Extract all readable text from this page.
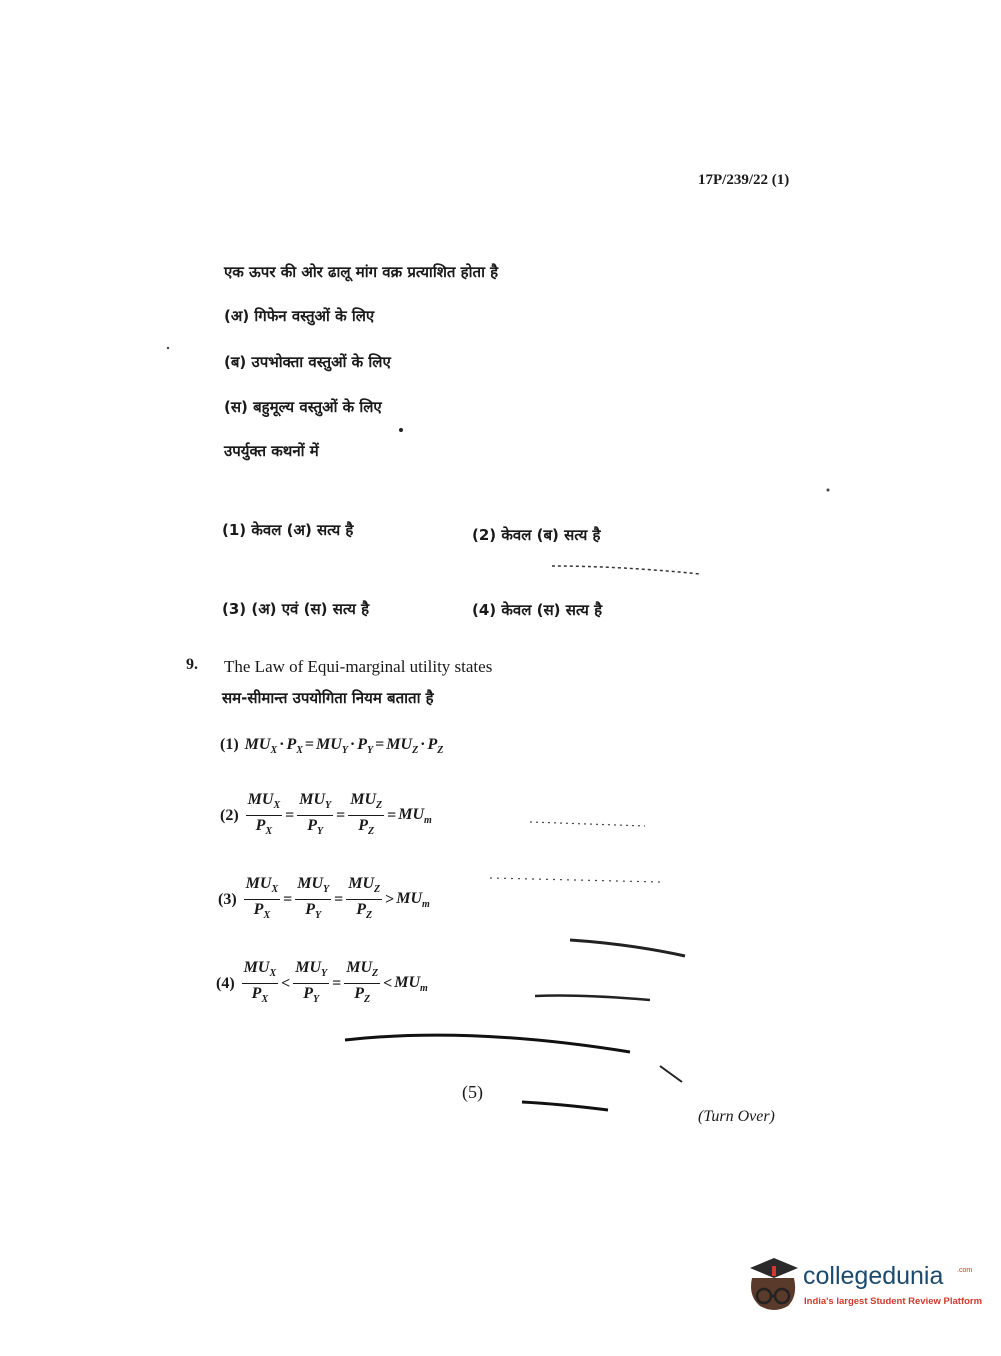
17P/239/22 (1)
एक ऊपर की ओर ढालू मांग वक्र प्रत्याशित होता है
(अ) गिफेन वस्तुओं के लिए
(ब) उपभोक्ता वस्तुओं के लिए
(स) बहुमूल्य वस्तुओं के लिए
उपर्युक्त कथनों में
(1) केवल (अ) सत्य है	(2) केवल (ब) सत्य है
(3) (अ) एवं (स) सत्य है	(4) केवल (स) सत्य है
9. The Law of Equi-marginal utility states
सम-सीमान्त उपयोगिता नियम बताता है
(1) $MU_X \cdot P_X = MU_Y \cdot P_Y = MU_Z \cdot P_Z$
$(2) \frac{MU_X}{P_X} = \frac{MU_Y}{P_Y} = \frac{MU_Z}{P_Z} = MU_m$
$(3) \frac{MU_X}{P_X} = \frac{MU_Y}{P_Y} = \frac{MU_Z}{P_Z} > MU_m$
$(4) \frac{MU_X}{P_X} < \frac{MU_Y}{P_Y} = \frac{MU_Z}{P_Z} < MU_m$
(5)
(Turn Over)
collegedunia .com
India's largest Student Review Platform
